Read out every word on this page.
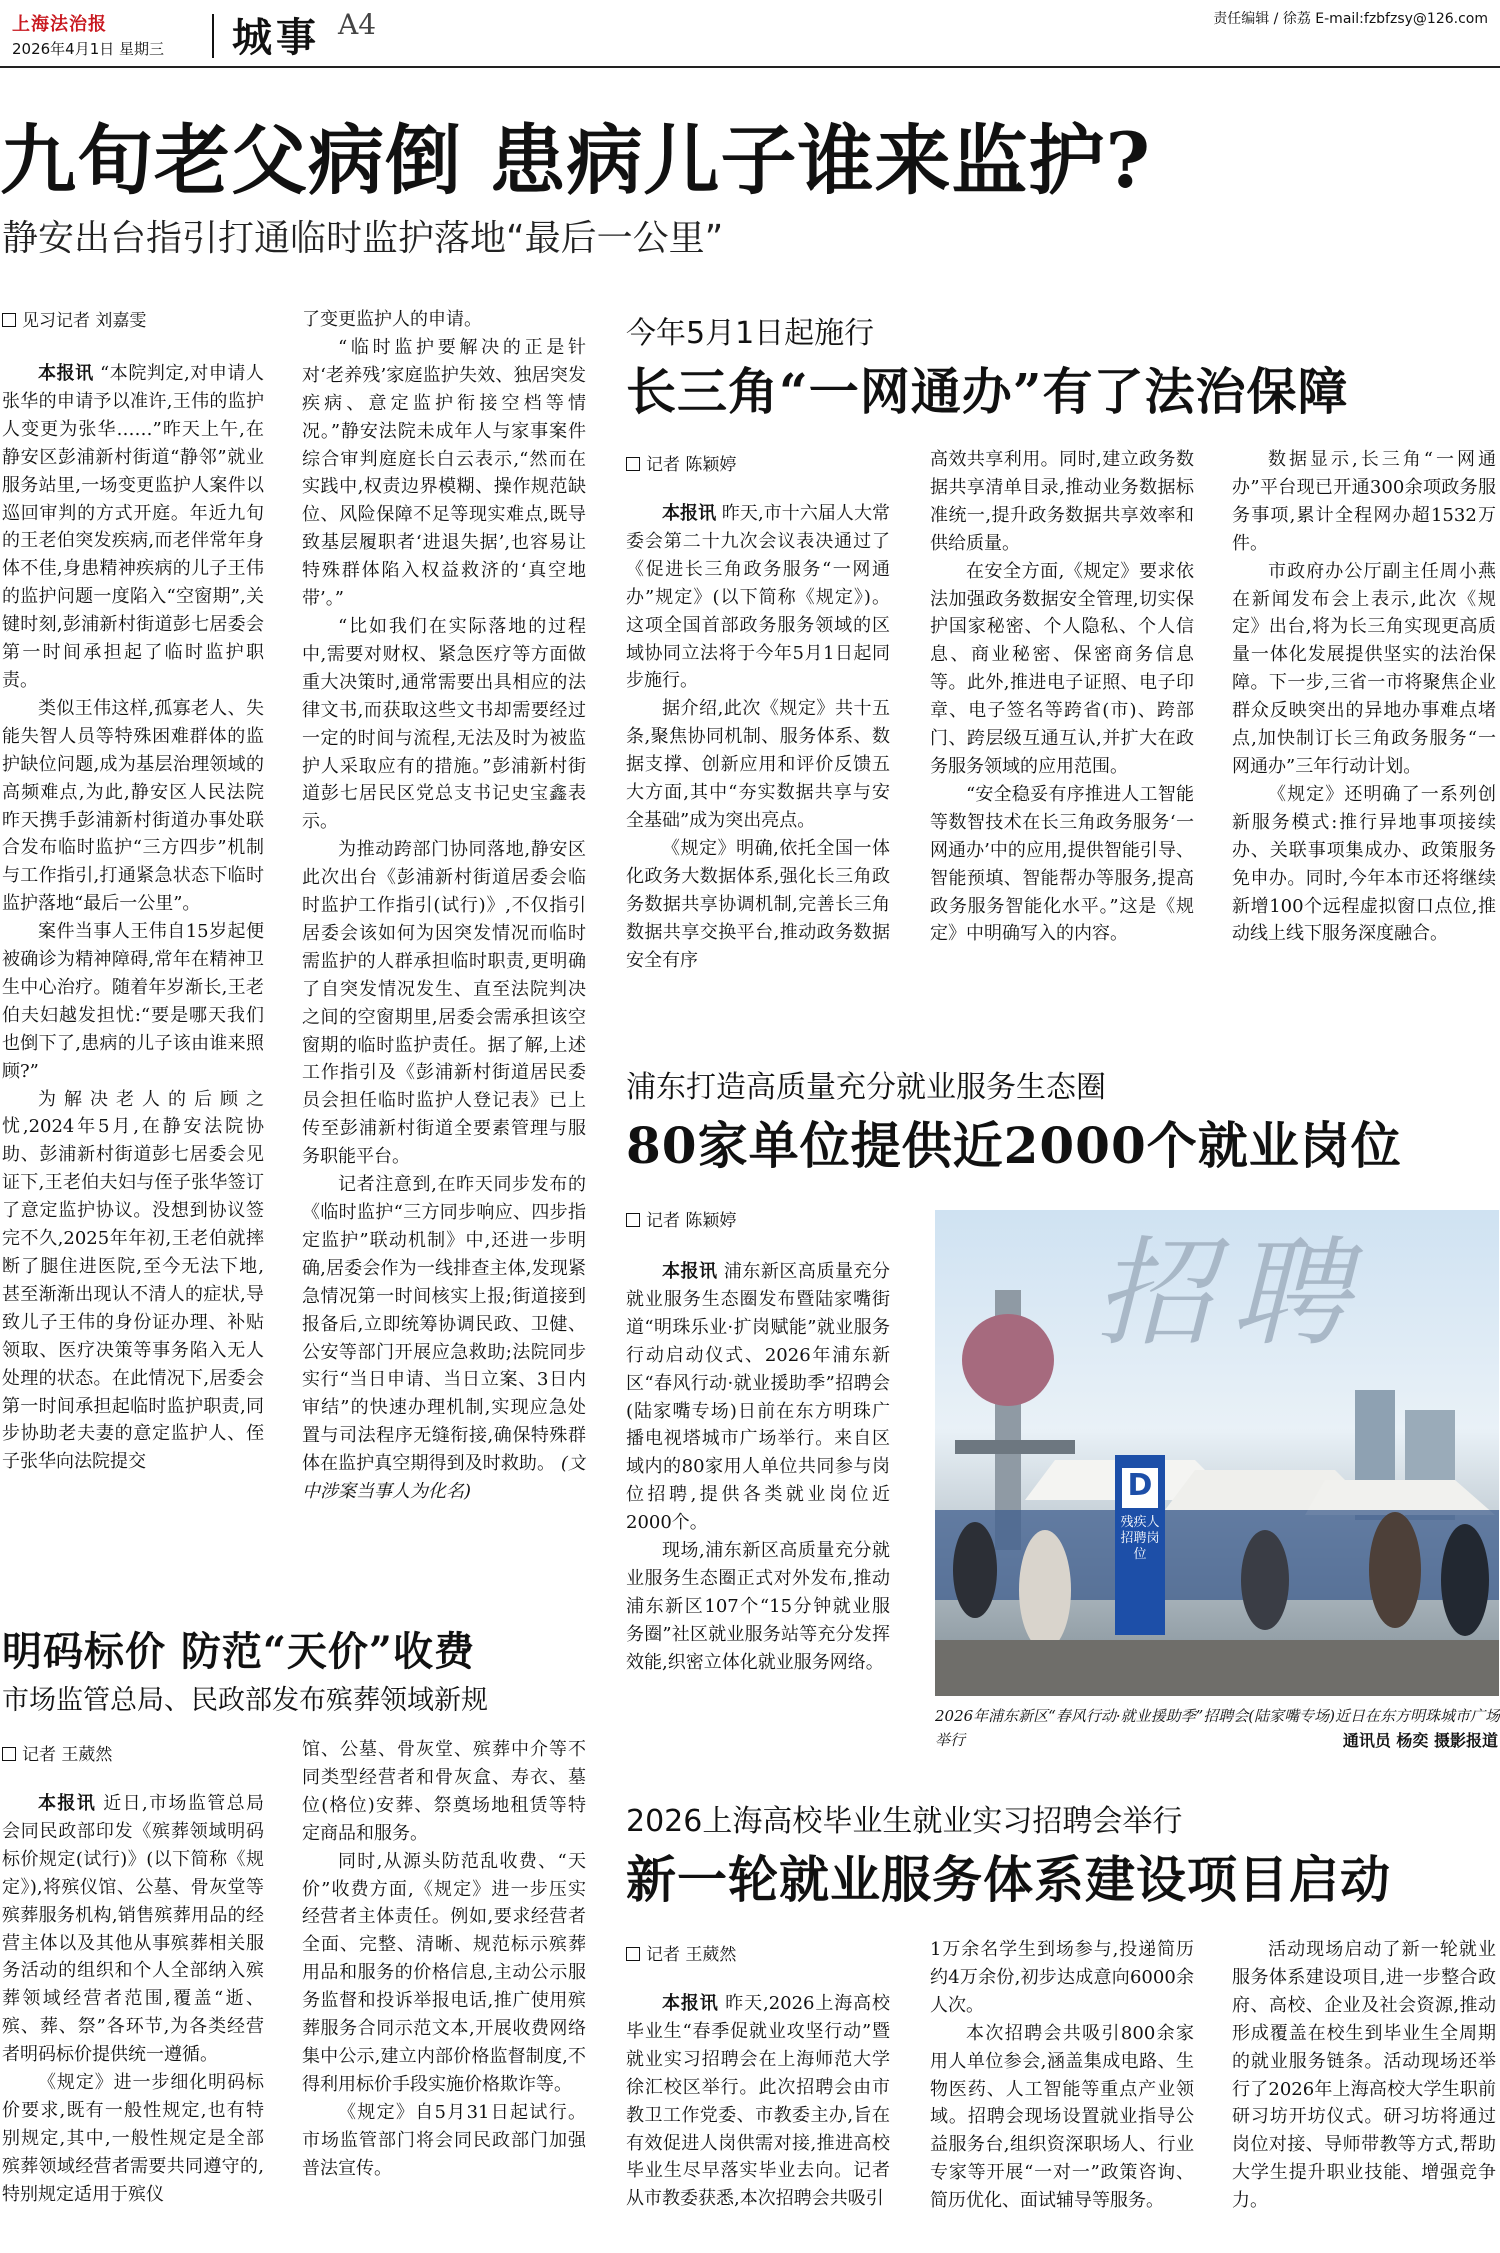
上海法治报
2026年4月1日 星期三 城事 A4	责任编辑 / 徐荔 E-mail:fzbfzsy@126.com
九旬老父病倒 患病儿子谁来监护?
静安出台指引打通临时监护落地“最后一公里”
见习记者 刘嘉雯

本报讯 “本院判定,对申请人张华的申请予以准许,王伟的监护人变更为张华……”昨天上午,在静安区彭浦新村街道“静邻”就业服务站里,一场变更监护人案件以巡回审判的方式开庭。年近九旬的王老伯突发疾病,而老伴常年身体不佳,身患精神疾病的儿子王伟的监护问题一度陷入“空窗期”,关键时刻,彭浦新村街道彭七居委会第一时间承担起了临时监护职责。

类似王伟这样,孤寡老人、失能失智人员等特殊困难群体的监护缺位问题,成为基层治理领域的高频难点,为此,静安区人民法院昨天携手彭浦新村街道办事处联合发布临时监护“三方四步”机制与工作指引,打通紧急状态下临时监护落地“最后一公里”。

案件当事人王伟自15岁起便被确诊为精神障碍,常年在精神卫生中心治疗。随着年岁渐长,王老伯夫妇越发担忧:“要是哪天我们也倒下了,患病的儿子该由谁来照顾?”

为解决老人的后顾之忧,2024年5月,在静安法院协助、彭浦新村街道彭七居委会见证下,王老伯夫妇与侄子张华签订了意定监护协议。没想到协议签完不久,2025年年初,王老伯就摔断了腿住进医院,至今无法下地,甚至渐渐出现认不清人的症状,导致儿子王伟的身份证办理、补贴领取、医疗决策等事务陷入无人处理的状态。在此情况下,居委会第一时间承担起临时监护职责,同步协助老夫妻的意定监护人、侄子张华向法院提交

了变更监护人的申请。

“临时监护要解决的正是针对‘老养残’家庭监护失效、独居突发疾病、意定监护衔接空档等情况。”静安法院未成年人与家事案件综合审判庭庭长白云表示,“然而在实践中,权责边界模糊、操作规范缺位、风险保障不足等现实难点,既导致基层履职者‘进退失据’,也容易让特殊群体陷入权益救济的‘真空地带’。”

“比如我们在实际落地的过程中,需要对财权、紧急医疗等方面做重大决策时,通常需要出具相应的法律文书,而获取这些文书却需要经过一定的时间与流程,无法及时为被监护人采取应有的措施。”彭浦新村街道彭七居民区党总支书记史宝鑫表示。

为推动跨部门协同落地,静安区此次出台《彭浦新村街道居委会临时监护工作指引(试行)》,不仅指引居委会该如何为因突发情况而临时需监护的人群承担临时职责,更明确了自突发情况发生、直至法院判决之间的空窗期里,居委会需承担该空窗期的临时监护责任。据了解,上述工作指引及《彭浦新村街道居民委员会担任临时监护人登记表》已上传至彭浦新村街道全要素管理与服务职能平台。

记者注意到,在昨天同步发布的《临时监护“三方同步响应、四步指定监护”联动机制》中,还进一步明确,居委会作为一线排查主体,发现紧急情况第一时间核实上报;街道接到报备后,立即统筹协调民政、卫健、公安等部门开展应急救助;法院同步实行“当日申请、当日立案、3日内审结”的快速办理机制,实现应急处置与司法程序无缝衔接,确保特殊群体在监护真空期得到及时救助。 (文中涉案当事人为化名)

今年5月1日起施行
长三角“一网通办”有了法治保障
记者 陈颖婷

本报讯 昨天,市十六届人大常委会第二十九次会议表决通过了《促进长三角政务服务“一网通办”规定》(以下简称《规定》)。这项全国首部政务服务领域的区域协同立法将于今年5月1日起同步施行。

据介绍,此次《规定》共十五条,聚焦协同机制、服务体系、数据支撑、创新应用和评价反馈五大方面,其中“夯实数据共享与安全基础”成为突出亮点。

《规定》明确,依托全国一体化政务大数据体系,强化长三角政务数据共享协调机制,完善长三角数据共享交换平台,推动政务数据安全有序

高效共享利用。同时,建立政务数据共享清单目录,推动业务数据标准统一,提升政务数据共享效率和供给质量。

在安全方面,《规定》要求依法加强政务数据安全管理,切实保护国家秘密、个人隐私、个人信息、商业秘密、保密商务信息等。此外,推进电子证照、电子印章、电子签名等跨省(市)、跨部门、跨层级互通互认,并扩大在政务服务领域的应用范围。

“安全稳妥有序推进人工智能等数智技术在长三角政务服务‘一网通办’中的应用,提供智能引导、智能预填、智能帮办等服务,提高政务服务智能化水平。”这是《规定》中明确写入的内容。

数据显示,长三角“一网通办”平台现已开通300余项政务服务事项,累计全程网办超1532万件。

市政府办公厅副主任周小燕在新闻发布会上表示,此次《规定》出台,将为长三角实现更高质量一体化发展提供坚实的法治保障。下一步,三省一市将聚焦企业群众反映突出的异地办事难点堵点,加快制订长三角政务服务“一网通办”三年行动计划。

《规定》还明确了一系列创新服务模式:推行异地事项接续办、关联事项集成办、政策服务免申办。同时,今年本市还将继续新增100个远程虚拟窗口点位,推动线上线下服务深度融合。

浦东打造高质量充分就业服务生态圈
80家单位提供近2000个就业岗位
记者 陈颖婷

本报讯 浦东新区高质量充分就业服务生态圈发布暨陆家嘴街道“明珠乐业·扩岗赋能”就业服务行动启动仪式、2026年浦东新区“春风行动·就业援助季”招聘会(陆家嘴专场)日前在东方明珠广播电视塔城市广场举行。来自区域内的80家用人单位共同参与岗位招聘,提供各类就业岗位近2000个。

现场,浦东新区高质量充分就业服务生态圈正式对外发布,推动浦东新区107个“15分钟就业服务圈”社区就业服务站等充分发挥效能,织密立体化就业服务网络。

招聘
D
残疾人招聘岗位
2026年浦东新区“春风行动·就业援助季”招聘会(陆家嘴专场)近日在东方明珠城市广场举行	通讯员 杨奕 摄影报道
明码标价 防范“天价”收费
市场监管总局、民政部发布殡葬领域新规
记者 王葳然

本报讯 近日,市场监管总局会同民政部印发《殡葬领域明码标价规定(试行)》(以下简称《规定》),将殡仪馆、公墓、骨灰堂等殡葬服务机构,销售殡葬用品的经营主体以及其他从事殡葬相关服务活动的组织和个人全部纳入殡葬领域经营者范围,覆盖“逝、殡、葬、祭”各环节,为各类经营者明码标价提供统一遵循。

《规定》进一步细化明码标价要求,既有一般性规定,也有特别规定,其中,一般性规定是全部殡葬领域经营者需要共同遵守的,特别规定适用于殡仪

馆、公墓、骨灰堂、殡葬中介等不同类型经营者和骨灰盒、寿衣、墓位(格位)安葬、祭奠场地租赁等特定商品和服务。

同时,从源头防范乱收费、“天价”收费方面,《规定》进一步压实经营者主体责任。例如,要求经营者全面、完整、清晰、规范标示殡葬用品和服务的价格信息,主动公示服务监督和投诉举报电话,推广使用殡葬服务合同示范文本,开展收费网络集中公示,建立内部价格监督制度,不得利用标价手段实施价格欺诈等。

《规定》自5月31日起试行。市场监管部门将会同民政部门加强普法宣传。

2026上海高校毕业生就业实习招聘会举行
新一轮就业服务体系建设项目启动
记者 王葳然

本报讯 昨天,2026上海高校毕业生“春季促就业攻坚行动”暨就业实习招聘会在上海师范大学徐汇校区举行。此次招聘会由市教卫工作党委、市教委主办,旨在有效促进人岗供需对接,推进高校毕业生尽早落实毕业去向。记者从市教委获悉,本次招聘会共吸引

1万余名学生到场参与,投递简历约4万余份,初步达成意向6000余人次。

本次招聘会共吸引800余家用人单位参会,涵盖集成电路、生物医药、人工智能等重点产业领域。招聘会现场设置就业指导公益服务台,组织资深职场人、行业专家等开展“一对一”政策咨询、简历优化、面试辅导等服务。

活动现场启动了新一轮就业服务体系建设项目,进一步整合政府、高校、企业及社会资源,推动形成覆盖在校生到毕业生全周期的就业服务链条。活动现场还举行了2026年上海高校大学生职前研习坊开坊仪式。研习坊将通过岗位对接、导师带教等方式,帮助大学生提升职业技能、增强竞争力。
